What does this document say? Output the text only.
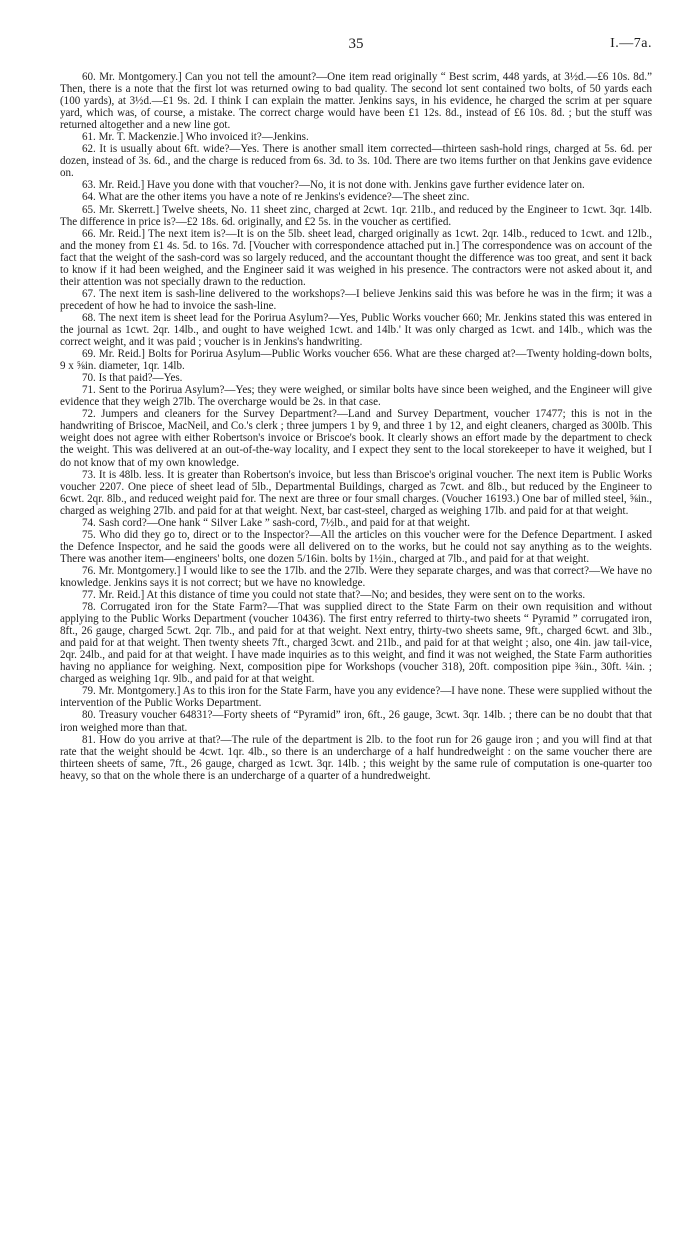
35	I.—7a.

60. Mr. Montgomery.] Can you not tell the amount?—One item read originally “ Best scrim, 448 yards, at 3½d.—£6 10s. 8d.” Then, there is a note that the first lot was returned owing to bad quality. The second lot sent contained two bolts, of 50 yards each (100 yards), at 3½d.—£1 9s. 2d. I think I can explain the matter. Jenkins says, in his evidence, he charged the scrim at per square yard, which was, of course, a mistake. The correct charge would have been £1 12s. 8d., instead of £6 10s. 8d. ; but the stuff was returned altogether and a new line got.

61. Mr. T. Mackenzie.] Who invoiced it?—Jenkins.

62. It is usually about 6ft. wide?—Yes. There is another small item corrected—thirteen sash-hold rings, charged at 5s. 6d. per dozen, instead of 3s. 6d., and the charge is reduced from 6s. 3d. to 3s. 10d. There are two items further on that Jenkins gave evidence on.

63. Mr. Reid.] Have you done with that voucher?—No, it is not done with. Jenkins gave further evidence later on.

64. What are the other items you have a note of re Jenkins's evidence?—The sheet zinc.

65. Mr. Skerrett.] Twelve sheets, No. 11 sheet zinc, charged at 2cwt. 1qr. 21lb., and reduced by the Engineer to 1cwt. 3qr. 14lb. The difference in price is?—£2 18s. 6d. originally, and £2 5s. in the voucher as certified.

66. Mr. Reid.] The next item is?—It is on the 5lb. sheet lead, charged originally as 1cwt. 2qr. 14lb., reduced to 1cwt. and 12lb., and the money from £1 4s. 5d. to 16s. 7d. [Voucher with correspondence attached put in.] The correspondence was on account of the fact that the weight of the sash-cord was so largely reduced, and the accountant thought the difference was too great, and sent it back to know if it had been weighed, and the Engineer said it was weighed in his presence. The contractors were not asked about it, and their attention was not specially drawn to the reduction.

67. The next item is sash-line delivered to the workshops?—I believe Jenkins said this was before he was in the firm; it was a precedent of how he had to invoice the sash-line.

68. The next item is sheet lead for the Porirua Asylum?—Yes, Public Works voucher 660; Mr. Jenkins stated this was entered in the journal as 1cwt. 2qr. 14lb., and ought to have weighed 1cwt. and 14lb.' It was only charged as 1cwt. and 14lb., which was the correct weight, and it was paid ; voucher is in Jenkins's handwriting.

69. Mr. Reid.] Bolts for Porirua Asylum—Public Works voucher 656. What are these charged at?—Twenty holding-down bolts, 9 x ⅝in. diameter, 1qr. 14lb.

70. Is that paid?—Yes.

71. Sent to the Porirua Asylum?—Yes; they were weighed, or similar bolts have since been weighed, and the Engineer will give evidence that they weigh 27lb. The overcharge would be 2s. in that case.

72. Jumpers and cleaners for the Survey Department?—Land and Survey Department, voucher 17477; this is not in the handwriting of Briscoe, MacNeil, and Co.'s clerk ; three jumpers 1 by 9, and three 1 by 12, and eight cleaners, charged as 300lb. This weight does not agree with either Robertson's invoice or Briscoe's book. It clearly shows an effort made by the department to check the weight. This was delivered at an out-of-the-way locality, and I expect they sent to the local storekeeper to have it weighed, but I do not know that of my own knowledge.

73. It is 48lb. less. It is greater than Robertson's invoice, but less than Briscoe's original voucher. The next item is Public Works voucher 2207. One piece of sheet lead of 5lb., Departmental Buildings, charged as 7cwt. and 8lb., but reduced by the Engineer to 6cwt. 2qr. 8lb., and reduced weight paid for. The next are three or four small charges. (Voucher 16193.) One bar of milled steel, ⅝in., charged as weighing 27lb. and paid for at that weight. Next, bar cast-steel, charged as weighing 17lb. and paid for at that weight.

74. Sash cord?—One hank “ Silver Lake ” sash-cord, 7½lb., and paid for at that weight.

75. Who did they go to, direct or to the Inspector?—All the articles on this voucher were for the Defence Department. I asked the Defence Inspector, and he said the goods were all delivered on to the works, but he could not say anything as to the weights. There was another item—engineers' bolts, one dozen 5/16in. bolts by 1½in., charged at 7lb., and paid for at that weight.

76. Mr. Montgomery.] I would like to see the 17lb. and the 27lb. Were they separate charges, and was that correct?—We have no knowledge. Jenkins says it is not correct; but we have no knowledge.

77. Mr. Reid.] At this distance of time you could not state that?—No; and besides, they were sent on to the works.

78. Corrugated iron for the State Farm?—That was supplied direct to the State Farm on their own requisition and without applying to the Public Works Department (voucher 10436). The first entry referred to thirty-two sheets “ Pyramid ” corrugated iron, 8ft., 26 gauge, charged 5cwt. 2qr. 7lb., and paid for at that weight. Next entry, thirty-two sheets same, 9ft., charged 6cwt. and 3lb., and paid for at that weight. Then twenty sheets 7ft., charged 3cwt. and 21lb., and paid for at that weight ; also, one 4in. jaw tail-vice, 2qr. 24lb., and paid for at that weight. I have made inquiries as to this weight, and find it was not weighed, the State Farm authorities having no appliance for weighing. Next, composition pipe for Workshops (voucher 318), 20ft. composition pipe ⅜in., 30ft. ¼in. ; charged as weighing 1qr. 9lb., and paid for at that weight.

79. Mr. Montgomery.] As to this iron for the State Farm, have you any evidence?—I have none. These were supplied without the intervention of the Public Works Department.

80. Treasury voucher 64831?—Forty sheets of “Pyramid” iron, 6ft., 26 gauge, 3cwt. 3qr. 14lb. ; there can be no doubt that that iron weighed more than that.

81. How do you arrive at that?—The rule of the department is 2lb. to the foot run for 26 gauge iron ; and you will find at that rate that the weight should be 4cwt. 1qr. 4lb., so there is an undercharge of a half hundredweight : on the same voucher there are thirteen sheets of same, 7ft., 26 gauge, charged as 1cwt. 3qr. 14lb. ; this weight by the same rule of computation is one-quarter too heavy, so that on the whole there is an undercharge of a quarter of a hundredweight.
